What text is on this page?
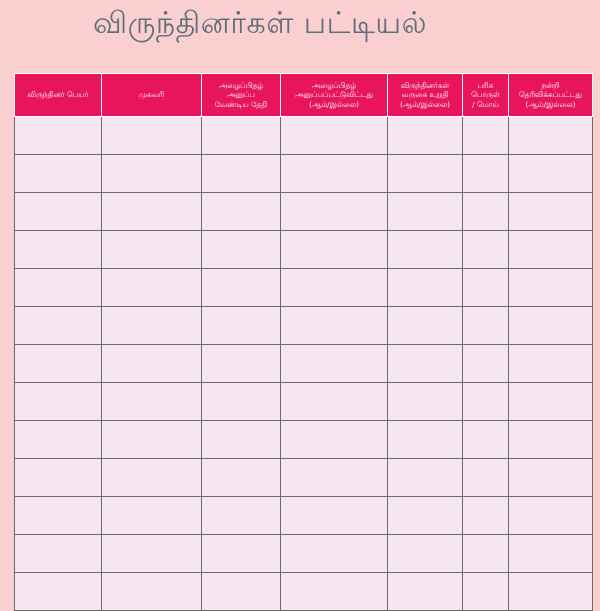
விருந்தினர்கள் பட்டியல்
விருந்தினர் பெயர்	முகவரி	அழைப்பிதழ்
அனுப்ப
வேண்டிய தேதி	அழைப்பிதழ்
அனுப்பப்பட்டுவிட்டது
(ஆம்/இல்லை)	விருந்தினர்கள்
வருகை உறுதி
(ஆம்/இல்லை)	பரிசு
பொருள்
/ மொய்	நன்றி
தெரிவிக்கப்பட்டது
(ஆம்/இல்லை)
